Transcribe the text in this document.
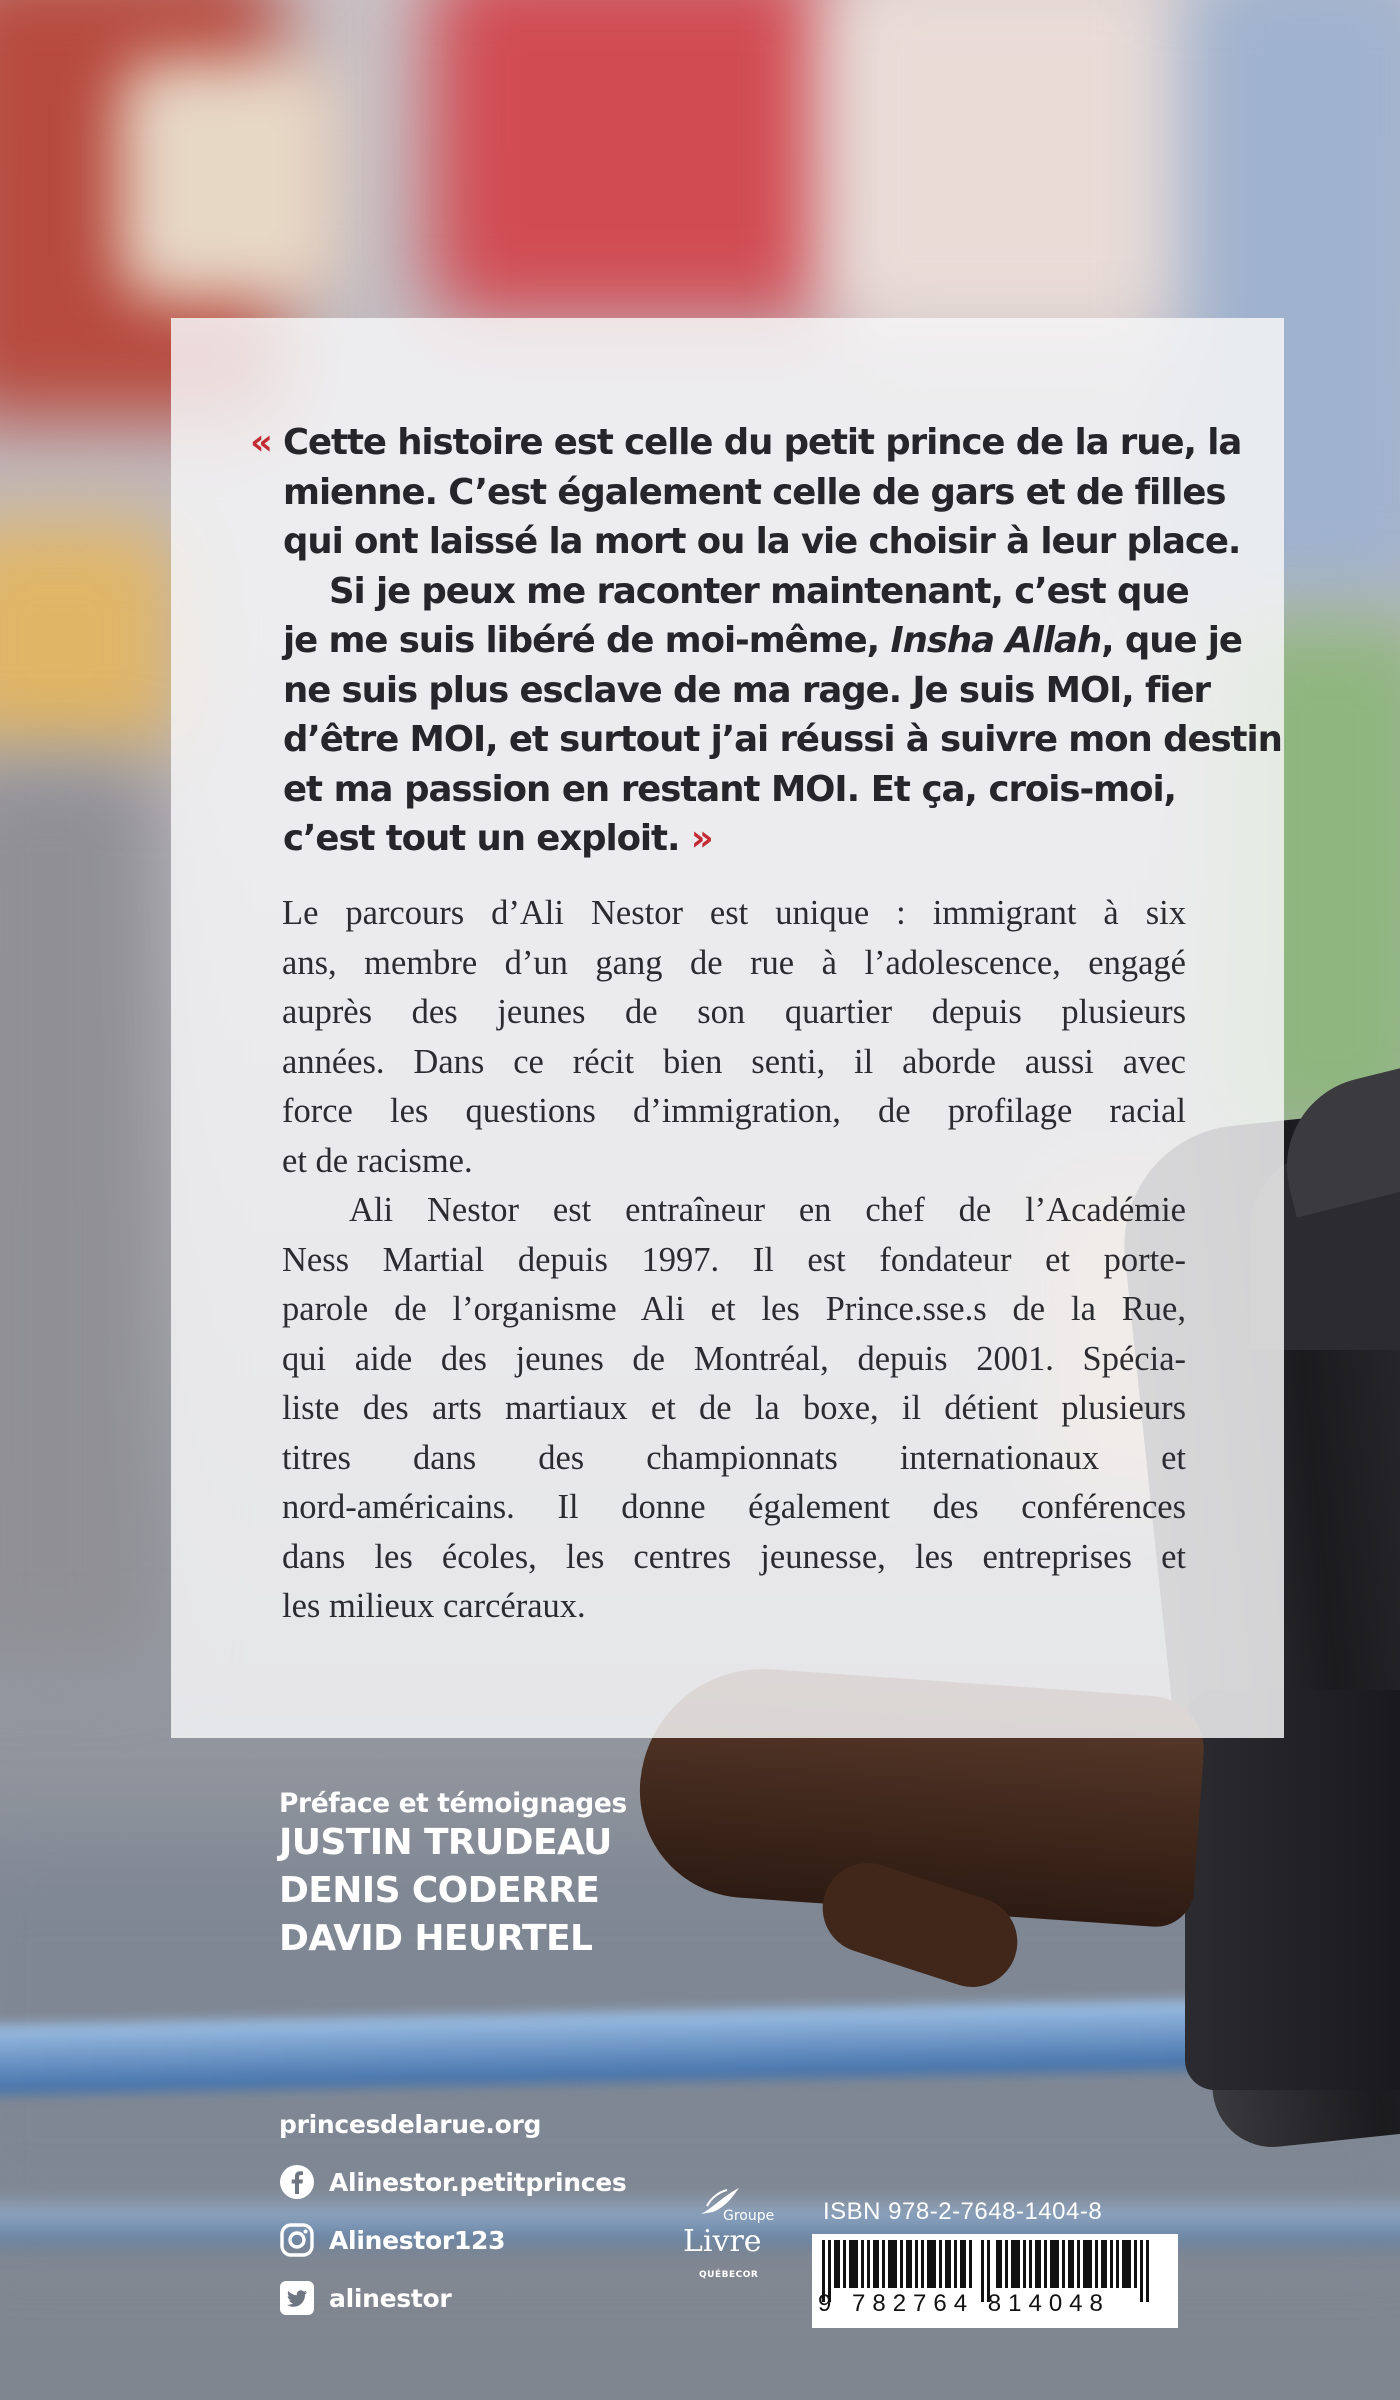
« Cette histoire est celle du petit prince de la rue, la
mienne. C’est également celle de gars et de filles
qui ont laissé la mort ou la vie choisir à leur place.
Si je peux me raconter maintenant, c’est que
je me suis libéré de moi-même, Insha Allah, que je
ne suis plus esclave de ma rage. Je suis MOI, fier
d’être MOI, et surtout j’ai réussi à suivre mon destin
et ma passion en restant MOI. Et ça, crois-moi,
c’est tout un exploit. »
Le parcours d’Ali Nestor est unique : immigrant à six
ans, membre d’un gang de rue à l’adolescence, engagé
auprès des jeunes de son quartier depuis plusieurs
années. Dans ce récit bien senti, il aborde aussi avec
force les questions d’immigration, de profilage racial
et de racisme.
Ali Nestor est entraîneur en chef de l’Académie
Ness Martial depuis 1997. Il est fondateur et porte-
parole de l’organisme Ali et les Prince.sse.s de la Rue,
qui aide des jeunes de Montréal, depuis 2001. Spécia-
liste des arts martiaux et de la boxe, il détient plusieurs
titres dans des championnats internationaux et
nord-américains. Il donne également des conférences
dans les écoles, les centres jeunesse, les entreprises et
les milieux carcéraux.
Préface et témoignages
JUSTIN TRUDEAU
DENIS CODERRE
DAVID HEURTEL
princesdelarue.org
Alinestor.petitprinces
Alinestor123
alinestor
Groupe
Livre
QUÉBECOR
ISBN 978-2-7648-1404-8
9 782764 814048
